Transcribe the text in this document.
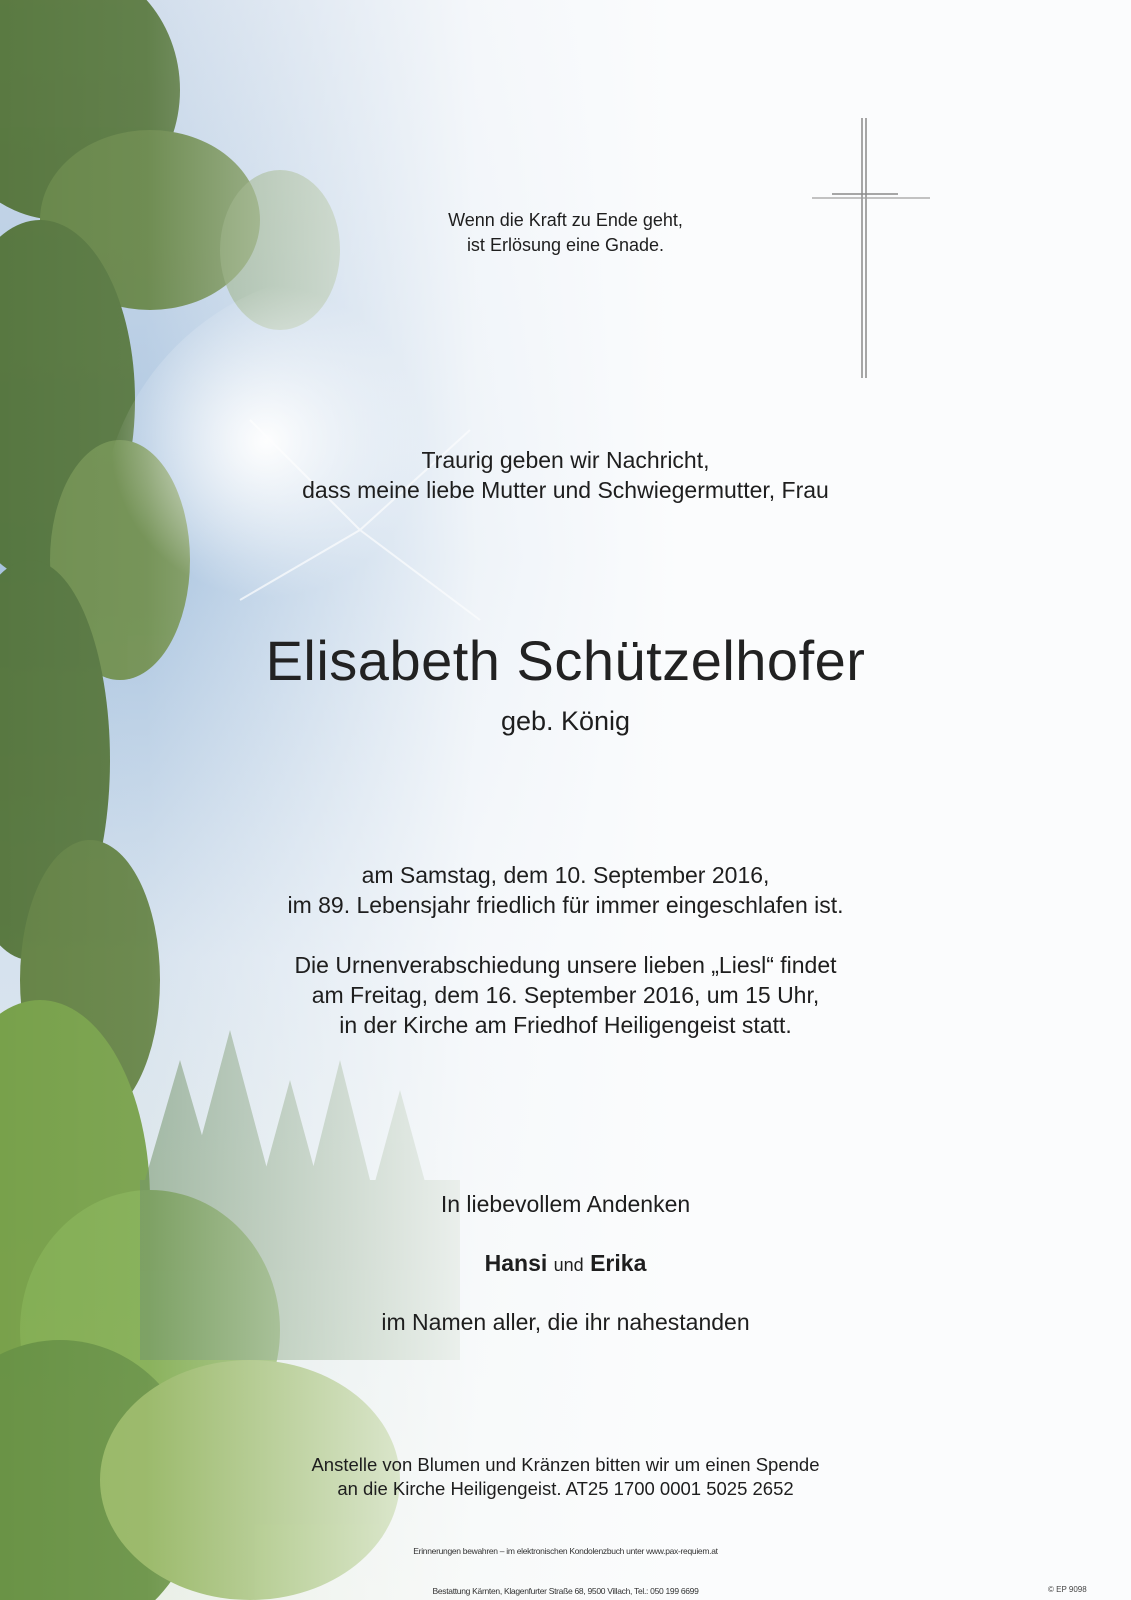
Wenn die Kraft zu Ende geht,
ist Erlösung eine Gnade.
Traurig geben wir Nachricht,
dass meine liebe Mutter und Schwiegermutter, Frau
Elisabeth Schützelhofer
geb. König
am Samstag, dem 10. September 2016,
im 89. Lebensjahr friedlich für immer eingeschlafen ist.
Die Urnenverabschiedung unsere lieben „Liesl“ findet
am Freitag, dem 16. September 2016, um 15 Uhr,
in der Kirche am Friedhof Heiligengeist statt.
In liebevollem Andenken
Hansi und Erika
im Namen aller, die ihr nahestanden
Anstelle von Blumen und Kränzen bitten wir um einen Spende
an die Kirche Heiligengeist. AT25 1700 0001 5025 2652
Erinnerungen bewahren – im elektronischen Kondolenzbuch unter www.pax-requiem.at
Bestattung Kärnten, Klagenfurter Straße 68, 9500 Villach, Tel.: 050 199 6699	© EP 9098
